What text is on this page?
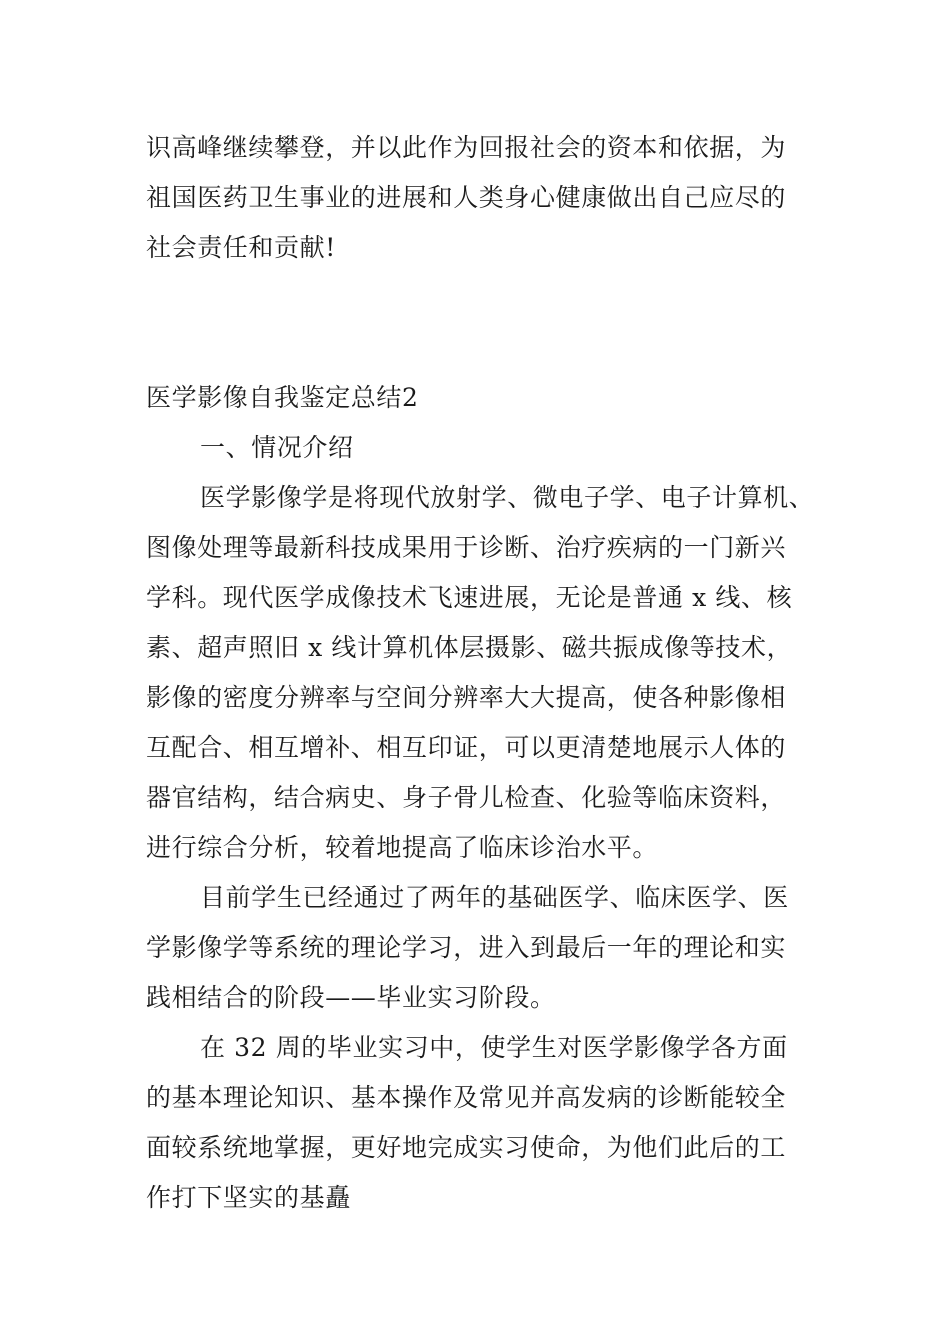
识高峰继续攀登，并以此作为回报社会的资本和依据，为
祖国医药卫生事业的进展和人类身心健康做出自己应尽的
社会责任和贡献!
医学影像自我鉴定总结2
一、情况介绍
医学影像学是将现代放射学、微电子学、电子计算机、
图像处理等最新科技成果用于诊断、治疗疾病的一门新兴
学科。现代医学成像技术飞速进展，无论是普通 x 线、核
素、超声照旧 x 线计算机体层摄影、磁共振成像等技术，
影像的密度分辨率与空间分辨率大大提高，使各种影像相
互配合、相互增补、相互印证，可以更清楚地展示人体的
器官结构，结合病史、身子骨儿检查、化验等临床资料，
进行综合分析，较着地提高了临床诊治水平。
目前学生已经通过了两年的基础医学、临床医学、医
学影像学等系统的理论学习，进入到最后一年的理论和实
践相结合的阶段——毕业实习阶段。
在 32 周的毕业实习中，使学生对医学影像学各方面
的基本理论知识、基本操作及常见并高发病的诊断能较全
面较系统地掌握，更好地完成实习使命，为他们此后的工
作打下坚实的基矗
